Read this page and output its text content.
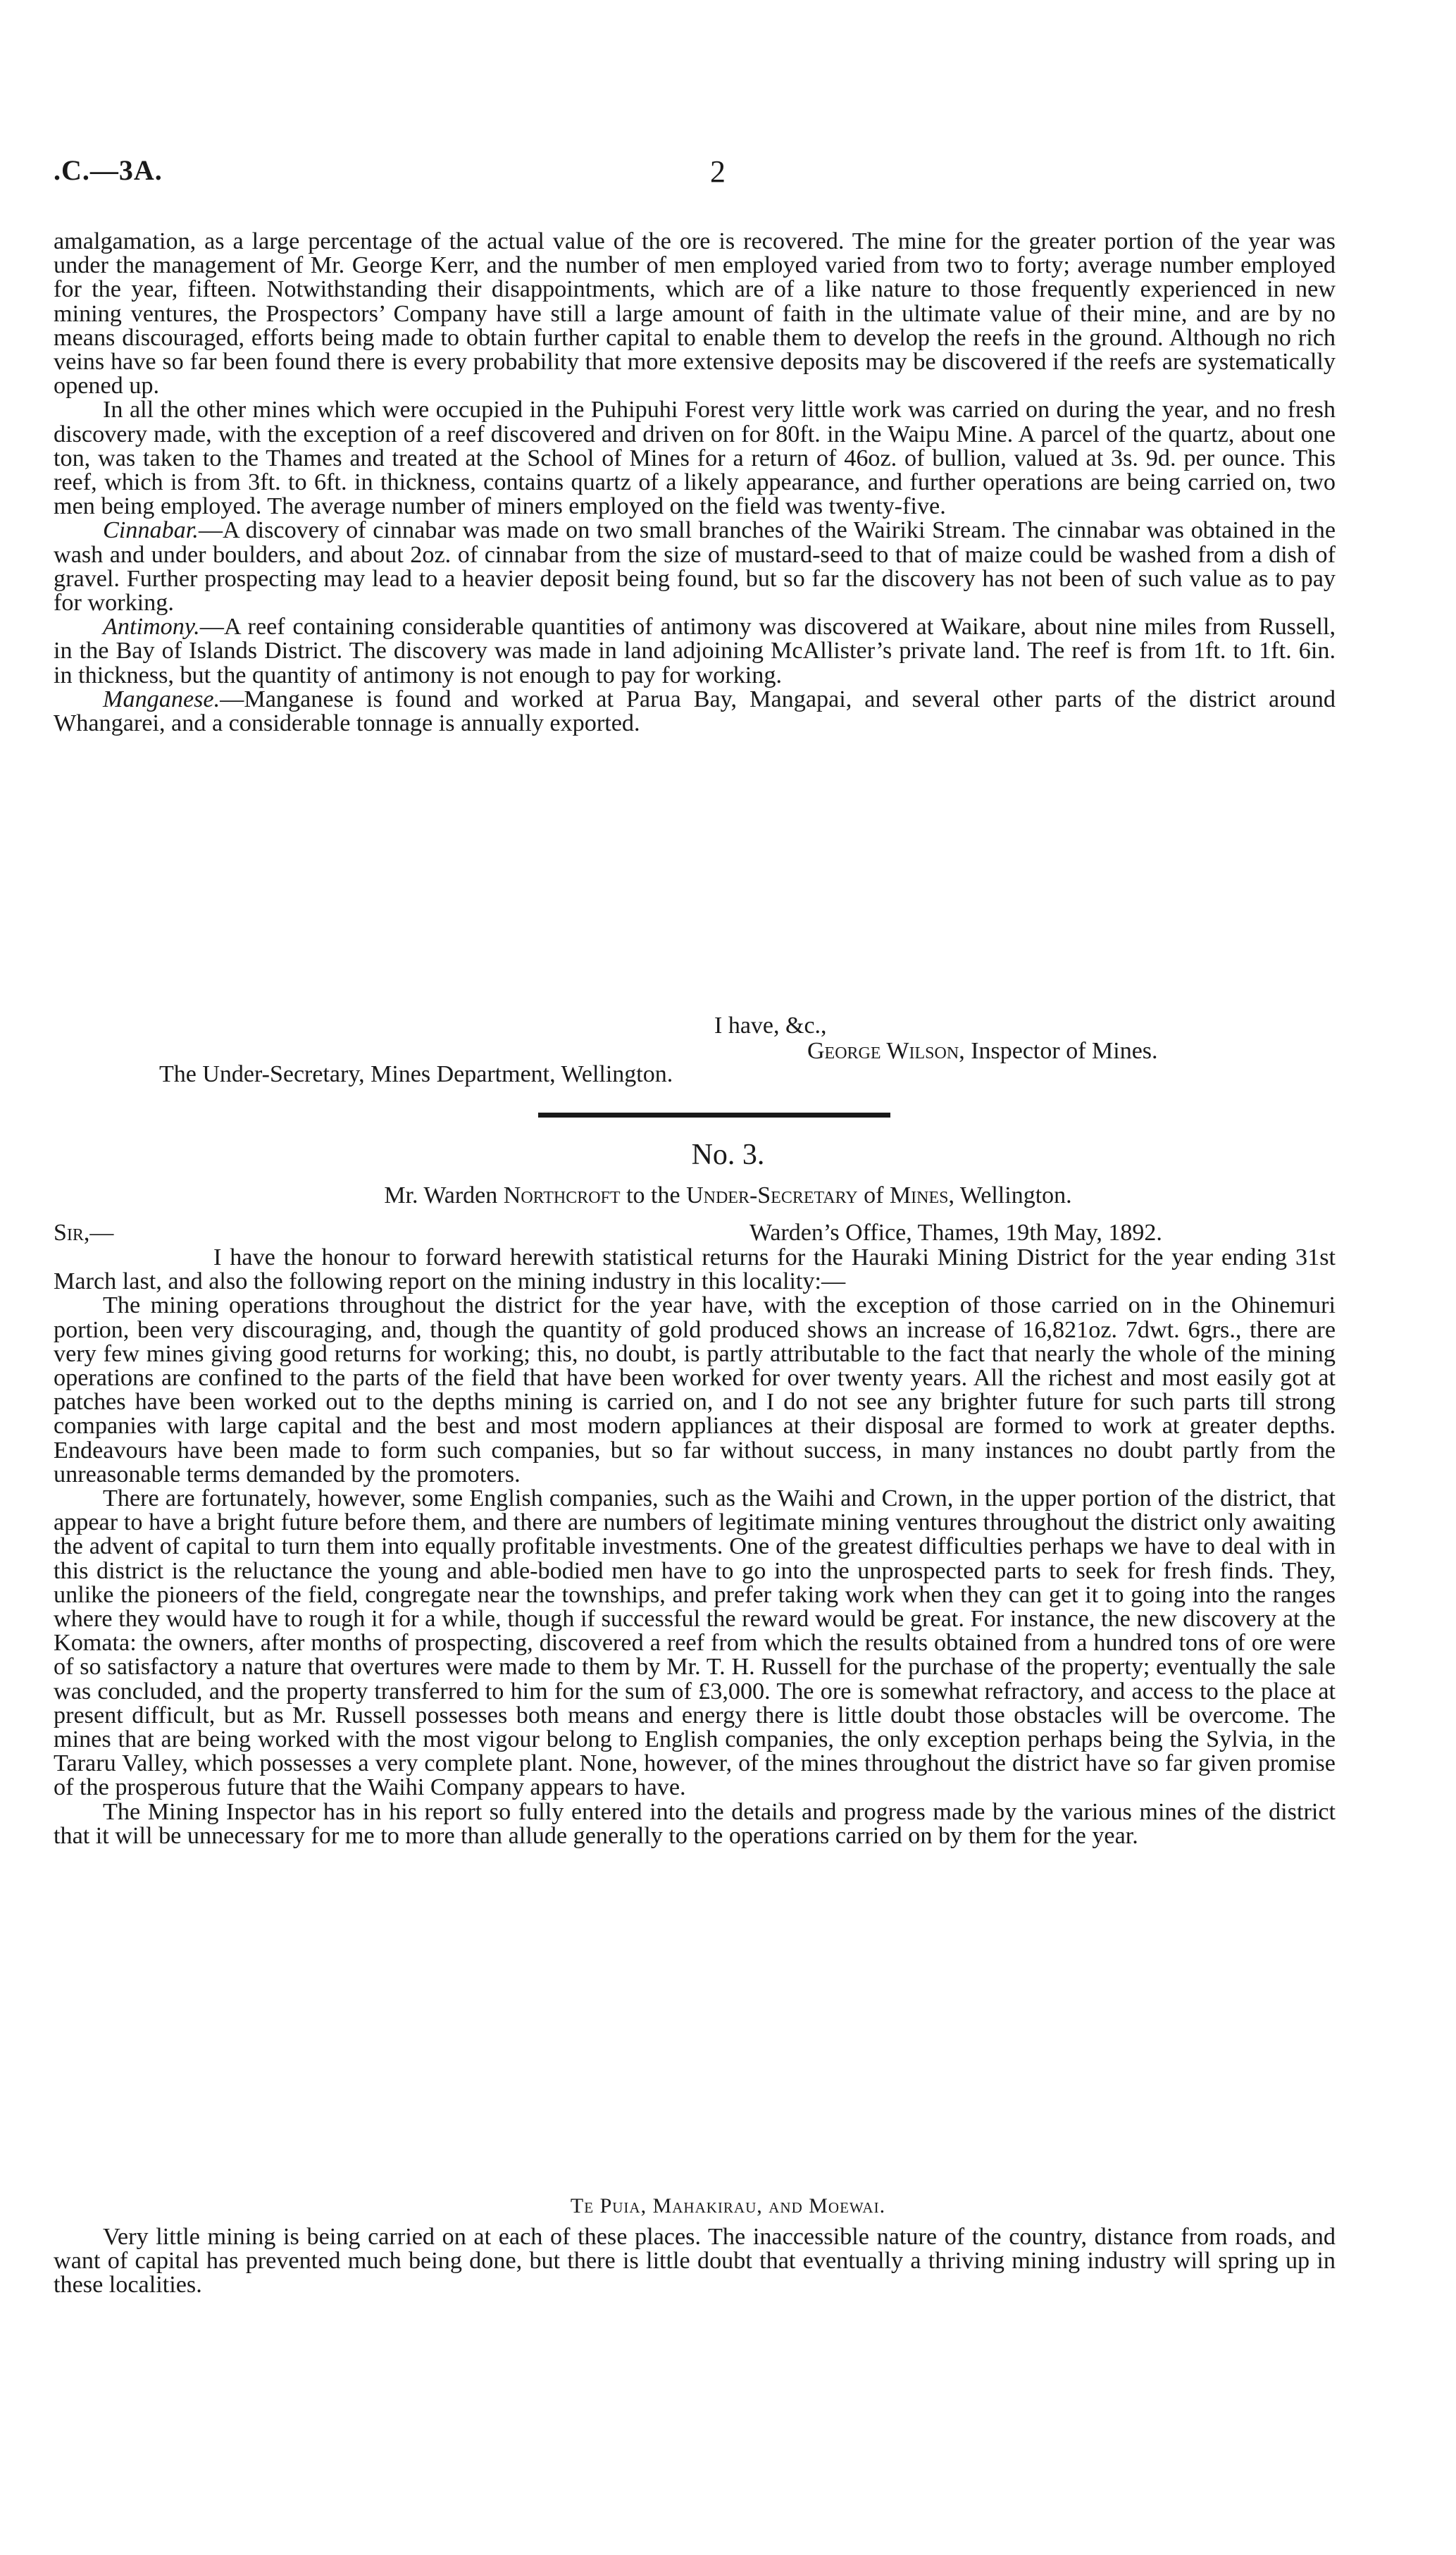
.C.—3A.	2

amalgamation, as a large percentage of the actual value of the ore is recovered. The mine for the greater portion of the year was under the management of Mr. George Kerr, and the number of men employed varied from two to forty; average number employed for the year, fifteen. Notwithstanding their disappointments, which are of a like nature to those frequently experienced in new mining ventures, the Prospectors’ Company have still a large amount of faith in the ultimate value of their mine, and are by no means discouraged, efforts being made to obtain further capital to enable them to develop the reefs in the ground. Although no rich veins have so far been found there is every probability that more extensive deposits may be discovered if the reefs are systematically opened up.

In all the other mines which were occupied in the Puhipuhi Forest very little work was carried on during the year, and no fresh discovery made, with the exception of a reef discovered and driven on for 80ft. in the Waipu Mine. A parcel of the quartz, about one ton, was taken to the Thames and treated at the School of Mines for a return of 46oz. of bullion, valued at 3s. 9d. per ounce. This reef, which is from 3ft. to 6ft. in thickness, contains quartz of a likely appearance, and further operations are being carried on, two men being employed. The average number of miners employed on the field was twenty-five.

Cinnabar.—A discovery of cinnabar was made on two small branches of the Wairiki Stream. The cinnabar was obtained in the wash and under boulders, and about 2oz. of cinnabar from the size of mustard-seed to that of maize could be washed from a dish of gravel. Further prospecting may lead to a heavier deposit being found, but so far the discovery has not been of such value as to pay for working.

Antimony.—A reef containing considerable quantities of antimony was discovered at Waikare, about nine miles from Russell, in the Bay of Islands District. The discovery was made in land adjoining McAllister’s private land. The reef is from 1ft. to 1ft. 6in. in thickness, but the quantity of antimony is not enough to pay for working.

Manganese.—Manganese is found and worked at Parua Bay, Mangapai, and several other parts of the district around Whangarei, and a considerable tonnage is annually exported.

I have, &c.,
George Wilson, Inspector of Mines.
The Under-Secretary, Mines Department, Wellington.
No. 3.
Mr. Warden Northcroft to the Under-Secretary of Mines, Wellington.
Sir,—	Warden’s Office, Thames, 19th May, 1892.

I have the honour to forward herewith statistical returns for the Hauraki Mining District for the year ending 31st March last, and also the following report on the mining industry in this locality:—

The mining operations throughout the district for the year have, with the exception of those carried on in the Ohinemuri portion, been very discouraging, and, though the quantity of gold produced shows an increase of 16,821oz. 7dwt. 6grs., there are very few mines giving good returns for working; this, no doubt, is partly attributable to the fact that nearly the whole of the mining operations are confined to the parts of the field that have been worked for over twenty years. All the richest and most easily got at patches have been worked out to the depths mining is carried on, and I do not see any brighter future for such parts till strong companies with large capital and the best and most modern appliances at their disposal are formed to work at greater depths. Endeavours have been made to form such companies, but so far without success, in many instances no doubt partly from the unreasonable terms demanded by the promoters.

There are fortunately, however, some English companies, such as the Waihi and Crown, in the upper portion of the district, that appear to have a bright future before them, and there are numbers of legitimate mining ventures throughout the district only awaiting the advent of capital to turn them into equally profitable investments. One of the greatest difficulties perhaps we have to deal with in this district is the reluctance the young and able-bodied men have to go into the unprospected parts to seek for fresh finds. They, unlike the pioneers of the field, congregate near the townships, and prefer taking work when they can get it to going into the ranges where they would have to rough it for a while, though if successful the reward would be great. For instance, the new discovery at the Komata: the owners, after months of prospecting, discovered a reef from which the results obtained from a hundred tons of ore were of so satisfactory a nature that overtures were made to them by Mr. T. H. Russell for the purchase of the property; eventually the sale was concluded, and the property transferred to him for the sum of £3,000. The ore is somewhat refractory, and access to the place at present difficult, but as Mr. Russell possesses both means and energy there is little doubt those obstacles will be overcome. The mines that are being worked with the most vigour belong to English companies, the only exception perhaps being the Sylvia, in the Tararu Valley, which possesses a very complete plant. None, however, of the mines throughout the district have so far given promise of the prosperous future that the Waihi Company appears to have.

The Mining Inspector has in his report so fully entered into the details and progress made by the various mines of the district that it will be unnecessary for me to more than allude generally to the operations carried on by them for the year.

Te Puia, Mahakirau, and Moewai.

Very little mining is being carried on at each of these places. The inaccessible nature of the country, distance from roads, and want of capital has prevented much being done, but there is little doubt that eventually a thriving mining industry will spring up in these localities.
